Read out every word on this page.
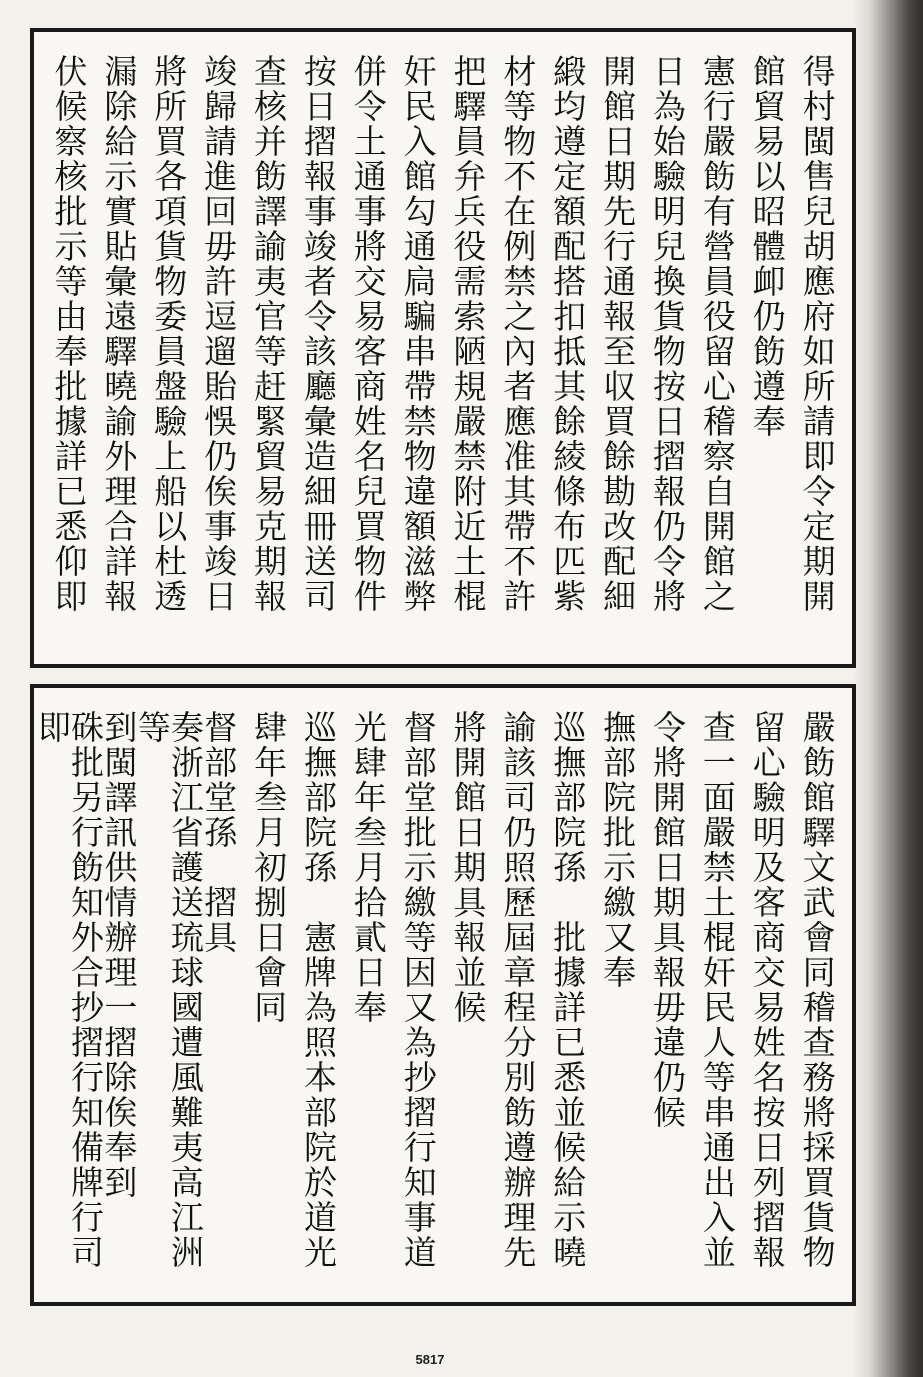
得村閩售兒胡應府如所請即令定期開
館貿易以昭體卹仍飭遵奉
憲行嚴飭有營員役留心稽察自開館之
日為始驗明兒換貨物按日摺報仍令將
開館日期先行通報至収買餘勘改配細
緞均遵定額配搭扣抵其餘綾條布匹紫
材等物不在例禁之內者應准其帶不許
把驛員弁兵役需索陋規嚴禁附近土棍
奸民入館勾通扃騙串帶禁物違額滋弊
併令土通事將交易客商姓名兒買物件
按日摺報事竣者令該廳彙造細冊送司
查核并飭譯諭夷官等赶緊貿易克期報
竣歸請進回毋許逗遛貽悞仍俟事竣日
將所買各項貨物委員盤驗上船以杜透
漏除給示實貼彙遠驛曉諭外理合詳報
伏候察核批示等由奉批據詳已悉仰即
嚴飭館驛文武會同稽查務將採買貨物
留心驗明及客商交易姓名按日列摺報
查一面嚴禁土棍奸民人等串通出入並
令將開館日期具報毋違仍候
撫部院批示繳又奉
巡撫部院孫　批據詳已悉並候給示曉
諭該司仍照歷屆章程分別飭遵辦理先
將開館日期具報並候
督部堂批示繳等因又為抄摺行知事道
光肆年叁月拾貳日奉
巡撫部院孫　憲牌為照本部院於道光
肆年叁月初捌日會同
督部堂孫　摺具
奏浙江省護送琉球國遭風難夷高江洲等
到閩譯訊供情辦理一摺除俟奉到
硃批另行飭知外合抄摺行知備牌行司即
5817
